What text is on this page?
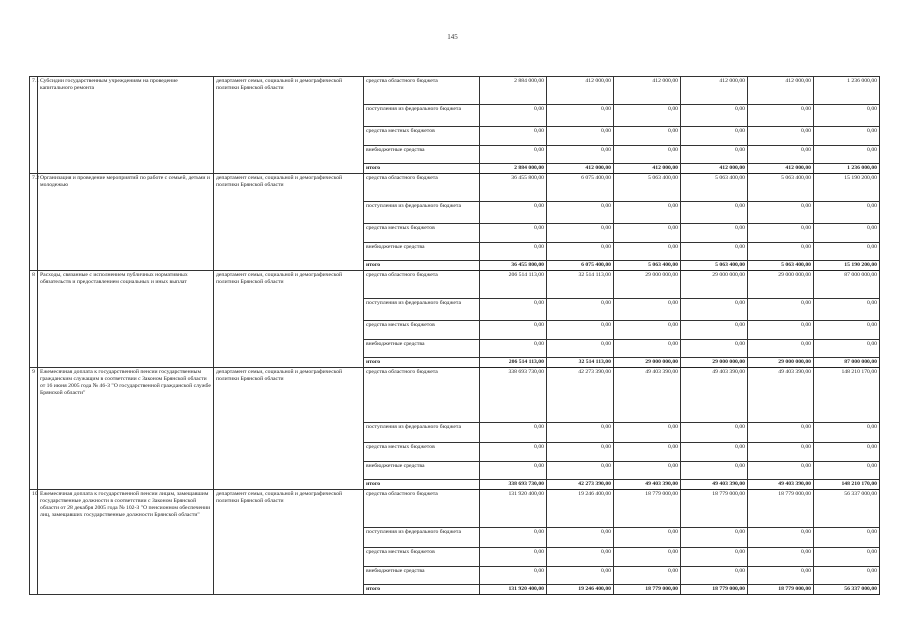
145
7.1	Субсидии государственным учреждениям на проведение капитального ремонта	департамент семьи, социальной и демографической политики Брянской области	средства областного бюджета	2 884 000,00	412 000,00	412 000,00	412 000,00	412 000,00	1 236 000,00
			поступления из федерального бюджета	0,00	0,00	0,00	0,00	0,00	0,00
			средства местных бюджетов	0,00	0,00	0,00	0,00	0,00	0,00
			внебюджетные средства	0,00	0,00	0,00	0,00	0,00	0,00
			итого	2 884 000,00	412 000,00	412 000,00	412 000,00	412 000,00	1 236 000,00
7.2	Организация и проведение мероприятий по работе с семьей, детьми и молодежью	департамент семьи, социальной и демографической политики Брянской области	средства областного бюджета	36 455 800,00	6 075 400,00	5 063 400,00	5 063 400,00	5 063 400,00	15 190 200,00
			поступления из федерального бюджета	0,00	0,00	0,00	0,00	0,00	0,00
			средства местных бюджетов	0,00	0,00	0,00	0,00	0,00	0,00
			внебюджетные средства	0,00	0,00	0,00	0,00	0,00	0,00
			итого	36 455 800,00	6 075 400,00	5 063 400,00	5 063 400,00	5 063 400,00	15 190 200,00
8	Расходы, связанные с исполнением публичных нормативных обязательств и предоставлением социальных и иных выплат	департамент семьи, социальной и демографической политики Брянской области	средства областного бюджета	206 514 113,00	32 514 113,00	29 000 000,00	29 000 000,00	29 000 000,00	87 000 000,00
			поступления из федерального бюджета	0,00	0,00	0,00	0,00	0,00	0,00
			средства местных бюджетов	0,00	0,00	0,00	0,00	0,00	0,00
			внебюджетные средства	0,00	0,00	0,00	0,00	0,00	0,00
			итого	206 514 113,00	32 514 113,00	29 000 000,00	29 000 000,00	29 000 000,00	87 000 000,00
9	Ежемесячная доплата к государственной пенсии государственным гражданским служащим в соответствии с Законом Брянской области от 16 июня 2005 года № 46-З "О государственной гражданской службе Брянской области"	департамент семьи, социальной и демографической политики Брянской области	средства областного бюджета	338 693 730,00	42 273 390,00	49 403 390,00	49 403 390,00	49 403 390,00	148 210 170,00
			поступления из федерального бюджета	0,00	0,00	0,00	0,00	0,00	0,00
			средства местных бюджетов	0,00	0,00	0,00	0,00	0,00	0,00
			внебюджетные средства	0,00	0,00	0,00	0,00	0,00	0,00
			итого	338 693 730,00	42 273 390,00	49 403 390,00	49 403 390,00	49 403 390,00	148 210 170,00
10	Ежемесячная доплата к государственной пенсии лицам, замещавшим государственные должности в соответствии с Законом Брянской области от 28 декабря 2005 года № 102-З "О пенсионном обеспечении лиц, замещавших государственные должности Брянской области"	департамент семьи, социальной и демографической политики Брянской области	средства областного бюджета	131 920 400,00	19 246 400,00	18 779 000,00	18 779 000,00	18 779 000,00	56 337 000,00
			поступления из федерального бюджета	0,00	0,00	0,00	0,00	0,00	0,00
			средства местных бюджетов	0,00	0,00	0,00	0,00	0,00	0,00
			внебюджетные средства	0,00	0,00	0,00	0,00	0,00	0,00
			итого	131 920 400,00	19 246 400,00	18 779 000,00	18 779 000,00	18 779 000,00	56 337 000,00
